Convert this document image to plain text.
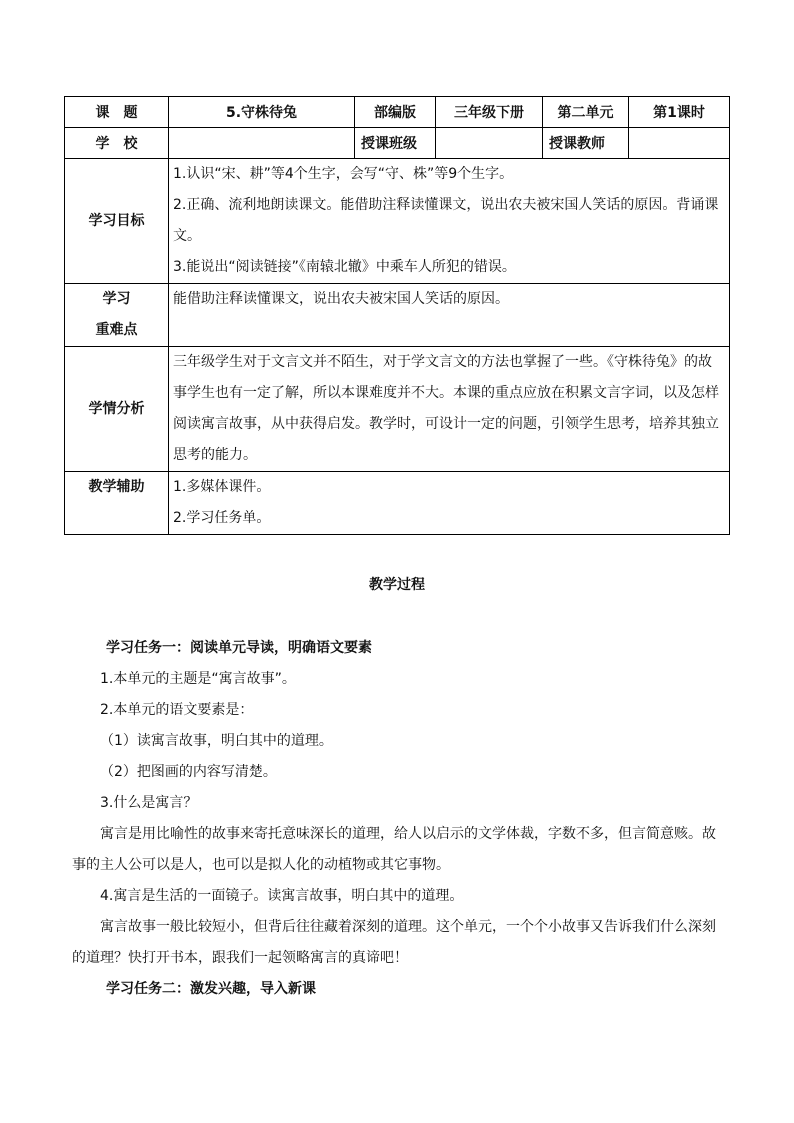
课　题	5.守株待兔	部编版	三年级下册	第二单元	第1课时
学　校		授课班级		授课教师	
学习目标	1.认识“宋、耕”等4个生字，会写“守、株”等9个生字。
2.正确、流利地朗读课文。能借助注释读懂课文，说出农夫被宋国人笑话的原因。背诵课文。
3.能说出“阅读链接”《南辕北辙》中乘车人所犯的错误。				

学习
重难点	能借助注释读懂课文，说出农夫被宋国人笑话的原因。				
学情分析	三年级学生对于文言文并不陌生，对于学文言文的方法也掌握了一些。《守株待兔》的故事学生也有一定了解，所以本课难度并不大。本课的重点应放在积累文言字词，以及怎样阅读寓言故事，从中获得启发。教学时，可设计一定的问题，引领学生思考，培养其独立思考的能力。				
教学辅助	1.多媒体课件。
2.学习任务单。				
教学过程

学习任务一：阅读单元导读，明确语文要素

1.本单元的主题是“寓言故事”。

2.本单元的语文要素是：

（1）读寓言故事，明白其中的道理。

（2）把图画的内容写清楚。

3.什么是寓言？

寓言是用比喻性的故事来寄托意味深长的道理，给人以启示的文学体裁，字数不多，但言简意赅。故事的主人公可以是人，也可以是拟人化的动植物或其它事物。

4.寓言是生活的一面镜子。读寓言故事，明白其中的道理。

寓言故事一般比较短小，但背后往往藏着深刻的道理。这个单元，一个个小故事又告诉我们什么深刻的道理？快打开书本，跟我们一起领略寓言的真谛吧！

学习任务二：激发兴趣，导入新课
